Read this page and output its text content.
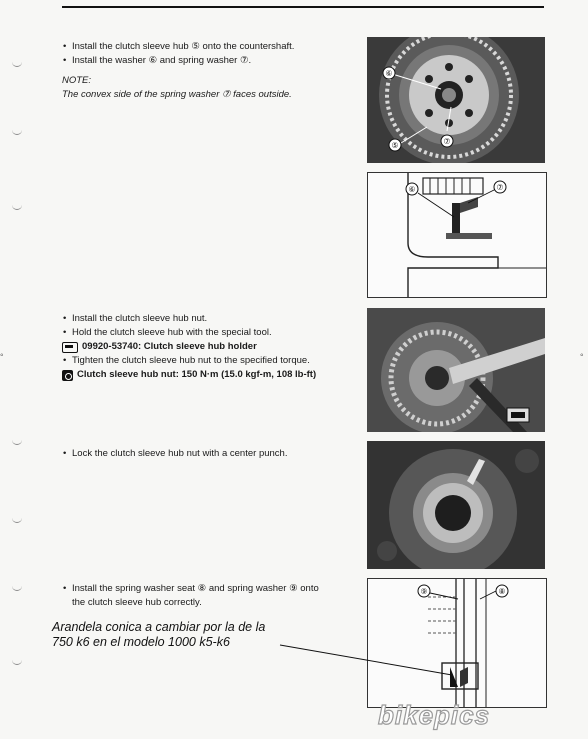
◦	◦

• Install the clutch sleeve hub ⑤ onto the countershaft.

• Install the washer ⑥ and spring washer ⑦.

NOTE:

The convex side of the spring washer ⑦ faces outside.

⑥
⑤	⑦
⑥	⑦

• Install the clutch sleeve hub nut.

• Hold the clutch sleeve hub with the special tool.

09920-53740: Clutch sleeve hub holder

• Tighten the clutch sleeve hub nut to the specified torque.

Clutch sleeve hub nut: 150 N·m (15.0 kgf-m, 108 lb-ft)

• Lock the clutch sleeve hub nut with a center punch.

• Install the spring washer seat ⑧ and spring washer ⑨ onto

the clutch sleeve hub correctly.

⑨	⑧

Arandela conica a cambiar por la de la

750 k6 en el modelo 1000 k5-k6

bikepics
